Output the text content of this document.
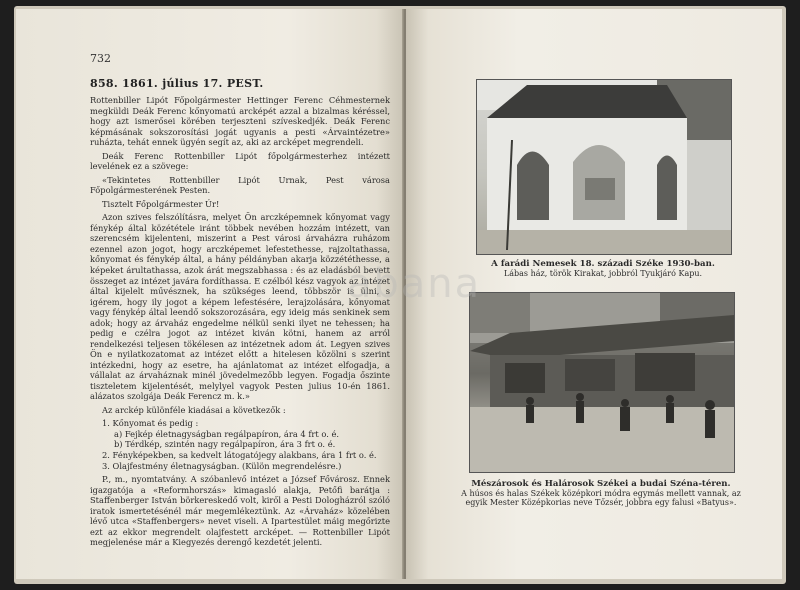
732
858. 1861. július 17. PEST.

Rottenbiller Lipót Főpolgármester Hettinger Ferenc Céhmesternek megküldi Deák Ferenc kőnyomatú arcképét azzal a bizalmas kéréssel, hogy azt ismerősei körében terjeszteni szíveskedjék. Deák Ferenc képmásának sokszorosítási jogát ugyanis a pesti «Árvaintézetre» ruházta, tehát ennek ügyén segít az, aki az arcképet megrendeli.

Deák Ferenc Rottenbiller Lipót főpolgármesterhez intézett levelének ez a szövege:

«Tekintetes Rottenbiller Lipót Urnak, Pest városa Főpolgármesterének Pesten.

Tisztelt Főpolgármester Úr!

Azon szives felszólításra, melyet Ön arczképemnek kőnyomat vagy fénykép által közététele iránt többek nevében hozzám intézett, van szerencsém kijelenteni, miszerint a Pest városi árvaházra ruházom ezennel azon jogot, hogy arczképemet lefestethesse, rajzoltathassa, kőnyomat és fénykép által, a hány példányban akarja közzététhesse, a képeket árultathassa, azok árát megszabhassa : és az eladásból bevett összeget az intézet javára fordíthassa. E czélból kész vagyok az intézet által kijelelt művésznek, ha szükséges leend, többször is ülni, s igérem, hogy ily jogot a képem lefestésére, lerajzolására, kőnyomat vagy fénykép által leendő sokszorozására, egy ideig más senkinek sem adok; hogy az árvaház engedelme nélkül senki ilyet ne tehessen; ha pedig e czélra jogot az intézet kiván kötni, hanem az arról rendelkezési teljesen tökélesen az intézetnek adom át. Legyen szives Ön e nyilatkozatomat az intézet előtt a hitelesen közölni s szerint intézkedni, hogy az esetre, ha ajánlatomat az intézet elfogadja, a vállalat az árvaháznak minél jövedelmezőbb legyen. Fogadja őszinte tiszteletem kijelentését, melylyel vagyok Pesten julius 10-én 1861. alázatos szolgája Deák Ferencz m. k.»

Az arckép különféle kiadásai a következők :

1. Kőnyomat és pedig :
a) Fejkép életnagyságban regálpapíron, ára 4 frt o. é.
b) Térdkép, szintén nagy regálpapíron, ára 3 frt o. é.
2. Fényképekben, sa kedvelt látogatójegy alakbans, ára 1 frt o. é.
3. Olajfestmény életnagyságban. (Külön megrendelésre.)

P., m., nyomtatvány. A szóbanlevő intézet a József Fővárosz. Ennek igazgatója a «Reformhorszás» kimagasló alakja, Petőfi barátja : Staffenberger István börkereskedő volt, kiről a Pesti Dologházról szóló iratok ismertetésénél már megemlékeztünk. Az «Árvaház» közelében lévő utca «Staffenbergers» nevet viseli. A Ipartestület máig megőrizte ezt az ekkor megrendelt olajfestett arcképet. — Rottenbiller Lipót megjelenése már a Kiegyezés derengő kezdetét jelenti.

A farádi Nemesek 18. századi Széke 1930-ban.
Lábas ház, török Kirakat, jobbról Tyukjáró Kapu.
Mészárosok és Halárosok Székei a budai Széna-téren.
A húsos és halas Székek középkori módra egymás mellett vannak, az egyik Mester Középkorias neve Tőzsér, jobbra egy falusi «Batyus».
abana
